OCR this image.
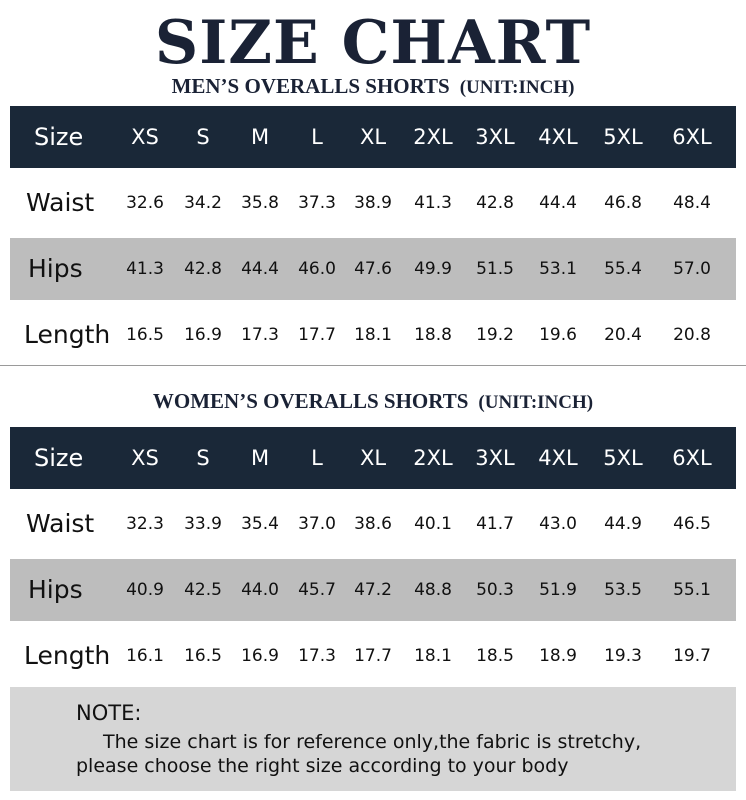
SIZE CHART
MEN’S OVERALLS SHORTS (UNIT:INCH)
Size	XS	S	M	L	XL	2XL	3XL	4XL	5XL	6XL
Waist	32.6	34.2	35.8	37.3	38.9	41.3	42.8	44.4	46.8	48.4
Hips	41.3	42.8	44.4	46.0	47.6	49.9	51.5	53.1	55.4	57.0
Length 16.5	16.9	17.3	17.7	18.1	18.8	19.2	19.6	20.4	20.8
WOMEN’S OVERALLS SHORTS (UNIT:INCH)
Size	XS	S	M	L	XL	2XL	3XL	4XL	5XL	6XL
Waist	32.3	33.9	35.4	37.0	38.6	40.1	41.7	43.0	44.9	46.5
Hips	40.9	42.5	44.0	45.7	47.2	48.8	50.3	51.9	53.5	55.1
Length 16.1	16.5	16.9	17.3	17.7	18.1	18.5	18.9	19.3	19.7
NOTE:
The size chart is for reference only,the fabric is stretchy,
please choose the right size according to your body
